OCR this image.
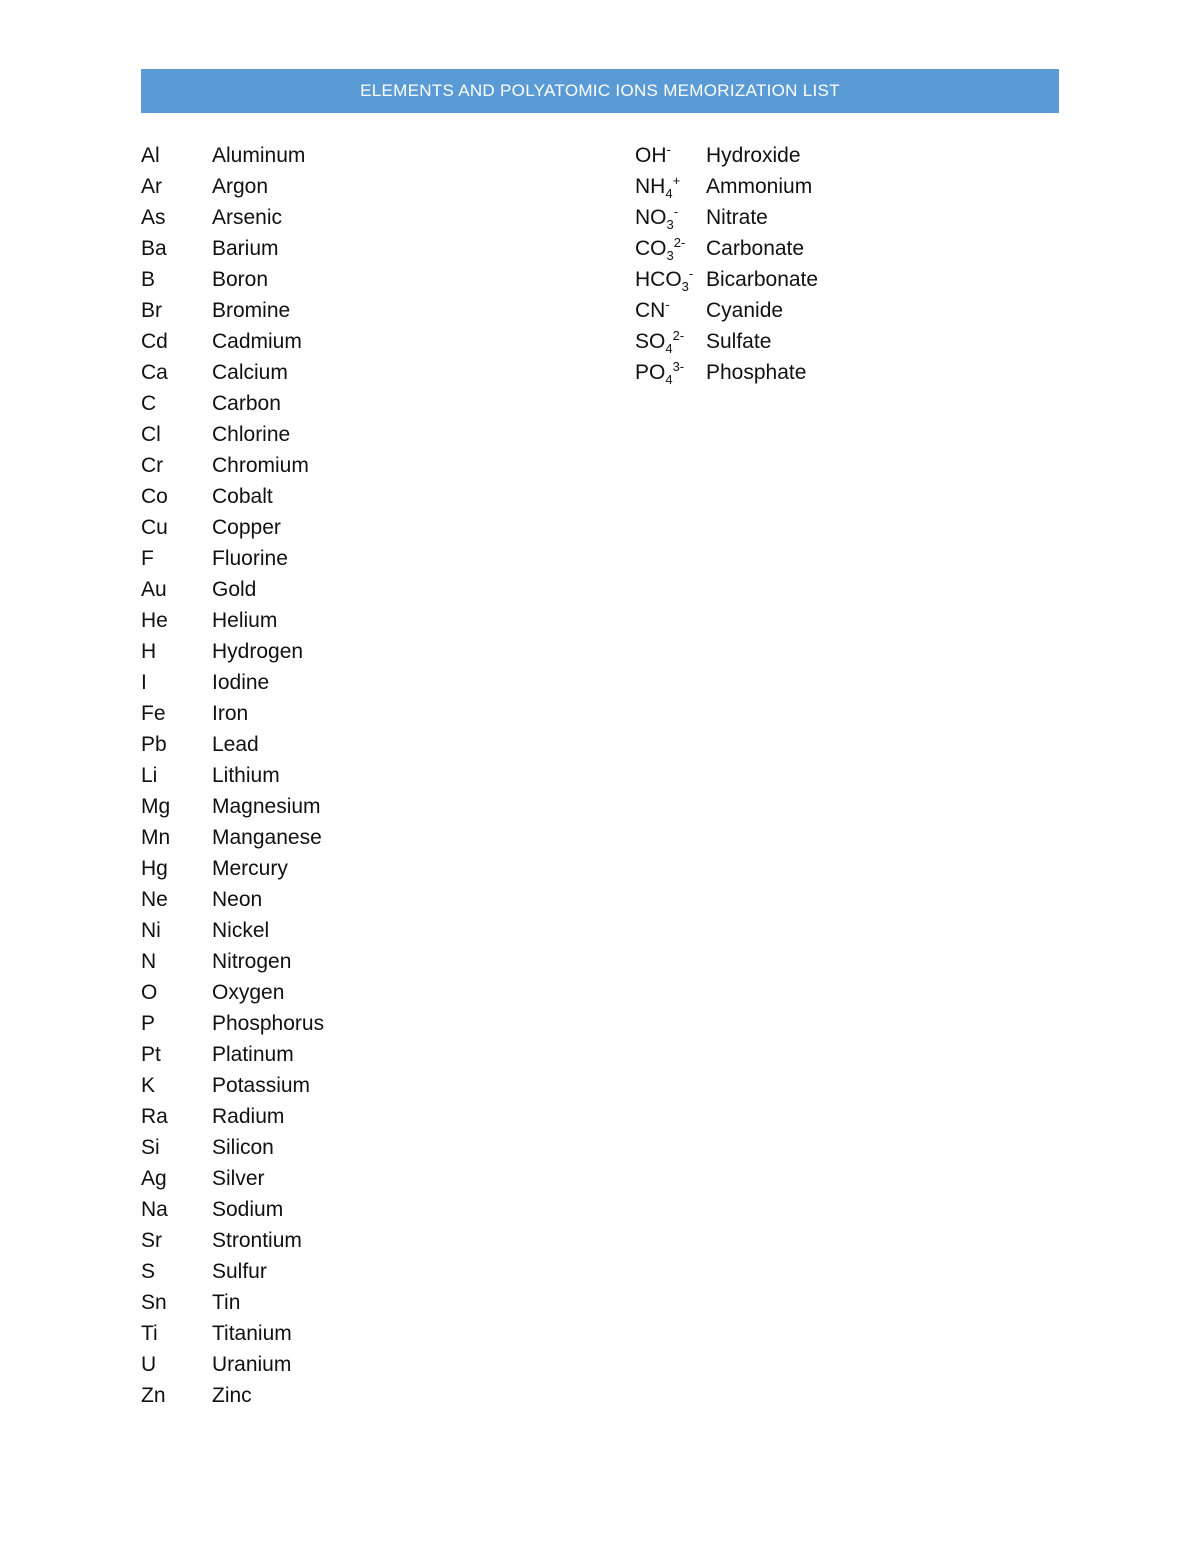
ELEMENTS AND POLYATOMIC IONS MEMORIZATION LIST
Al	Aluminum
Ar	Argon
As	Arsenic
Ba	Barium
B	Boron
Br	Bromine
Cd	Cadmium
Ca	Calcium
C	Carbon
Cl	Chlorine
Cr	Chromium
Co	Cobalt
Cu	Copper
F	Fluorine
Au	Gold
He	Helium
H	Hydrogen
I	Iodine
Fe	Iron
Pb	Lead
Li	Lithium
Mg	Magnesium
Mn	Manganese
Hg	Mercury
Ne	Neon
Ni	Nickel
N	Nitrogen
O	Oxygen
P	Phosphorus
Pt	Platinum
K	Potassium
Ra	Radium
Si	Silicon
Ag	Silver
Na	Sodium
Sr	Strontium
S	Sulfur
Sn	Tin
Ti	Titanium
U	Uranium
Zn	Zinc
OH-	Hydroxide
$NH_4^+$	Ammonium
$NO_3^-$	Nitrate
$CO_3^{2-}$ Carbonate
$HCO_3^-$ Bicarbonate
CN-	Cyanide
$SO_4^{2-}$	Sulfate
$PO_4^{3-}$	Phosphate
